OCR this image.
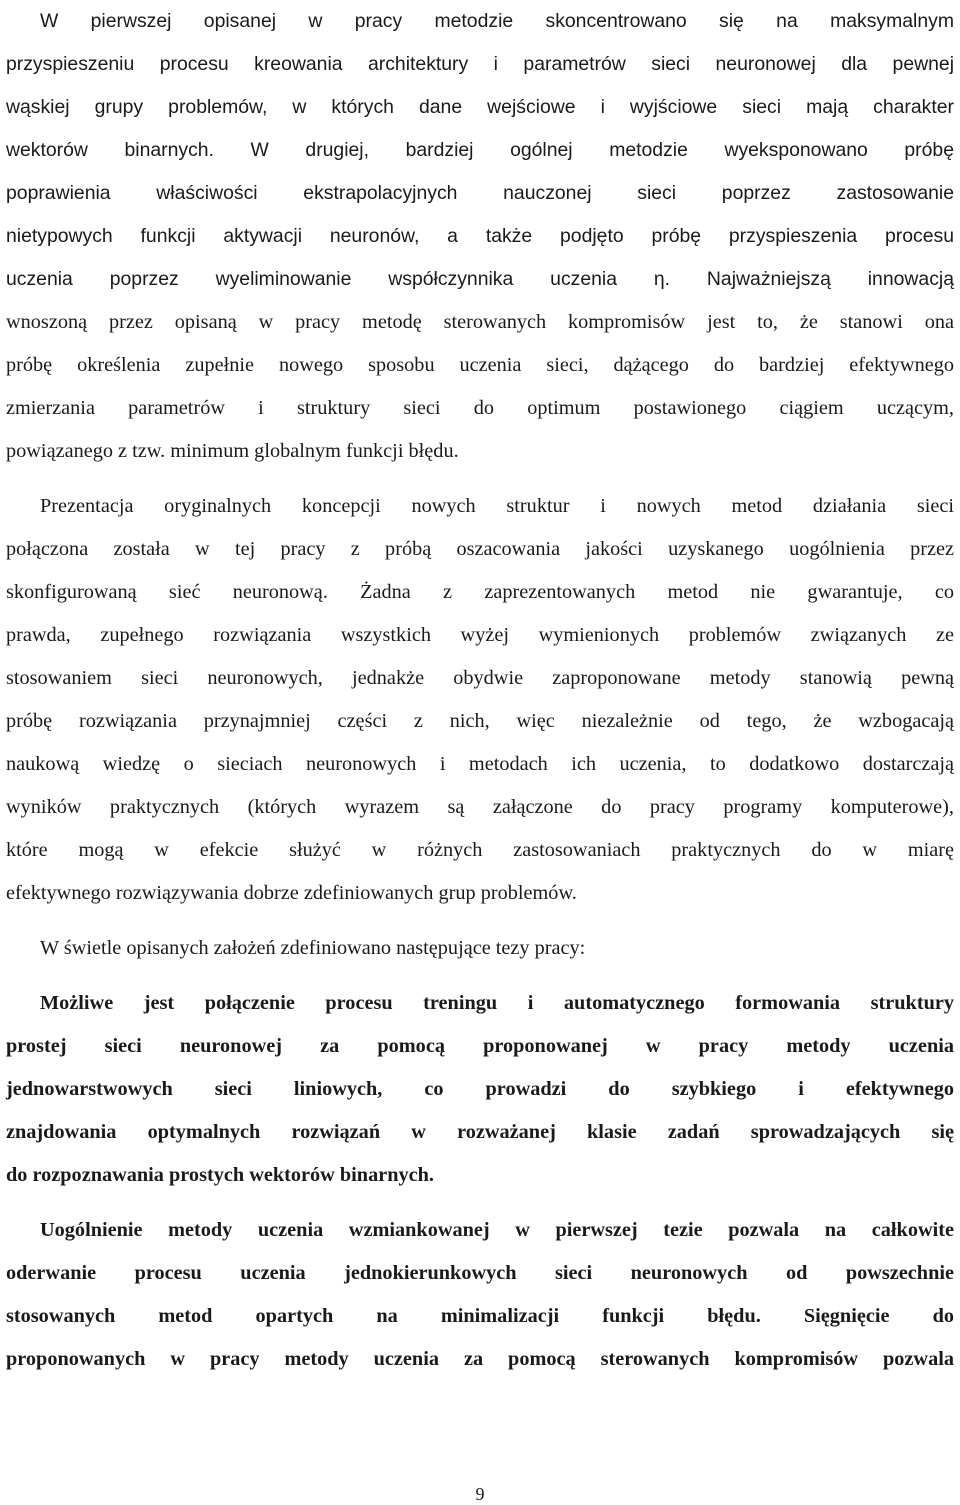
W pierwszej opisanej w pracy metodzie skoncentrowano się na maksymalnym
przyspieszeniu procesu kreowania architektury i parametrów sieci neuronowej dla pewnej
wąskiej grupy problemów, w których dane wejściowe i wyjściowe sieci mają charakter
wektorów binarnych. W drugiej, bardziej ogólnej metodzie wyeksponowano próbę
poprawienia właściwości ekstrapolacyjnych nauczonej sieci poprzez zastosowanie
nietypowych funkcji aktywacji neuronów, a także podjęto próbę przyspieszenia procesu
uczenia poprzez wyeliminowanie współczynnika uczenia η. Najważniejszą innowacją
wnoszoną przez opisaną w pracy metodę sterowanych kompromisów jest to, że stanowi ona
próbę określenia zupełnie nowego sposobu uczenia sieci, dążącego do bardziej efektywnego
zmierzania parametrów i struktury sieci do optimum postawionego ciągiem uczącym,
powiązanego z tzw. minimum globalnym funkcji błędu.
Prezentacja oryginalnych koncepcji nowych struktur i nowych metod działania sieci
połączona została w tej pracy z próbą oszacowania jakości uzyskanego uogólnienia przez
skonfigurowaną sieć neuronową. Żadna z zaprezentowanych metod nie gwarantuje, co
prawda, zupełnego rozwiązania wszystkich wyżej wymienionych problemów związanych ze
stosowaniem sieci neuronowych, jednakże obydwie zaproponowane metody stanowią pewną
próbę rozwiązania przynajmniej części z nich, więc niezależnie od tego, że wzbogacają
naukową wiedzę o sieciach neuronowych i metodach ich uczenia, to dodatkowo dostarczają
wyników praktycznych (których wyrazem są załączone do pracy programy komputerowe),
które mogą w efekcie służyć w różnych zastosowaniach praktycznych do w miarę
efektywnego rozwiązywania dobrze zdefiniowanych grup problemów.
W świetle opisanych założeń zdefiniowano następujące tezy pracy:
Możliwe jest połączenie procesu treningu i automatycznego formowania struktury
prostej sieci neuronowej za pomocą proponowanej w pracy metody uczenia
jednowarstwowych sieci liniowych, co prowadzi do szybkiego i efektywnego
znajdowania optymalnych rozwiązań w rozważanej klasie zadań sprowadzających się
do rozpoznawania prostych wektorów binarnych.
Uogólnienie metody uczenia wzmiankowanej w pierwszej tezie pozwala na całkowite
oderwanie procesu uczenia jednokierunkowych sieci neuronowych od powszechnie
stosowanych metod opartych na minimalizacji funkcji błędu. Sięgnięcie do
proponowanych w pracy metody uczenia za pomocą sterowanych kompromisów pozwala
9
